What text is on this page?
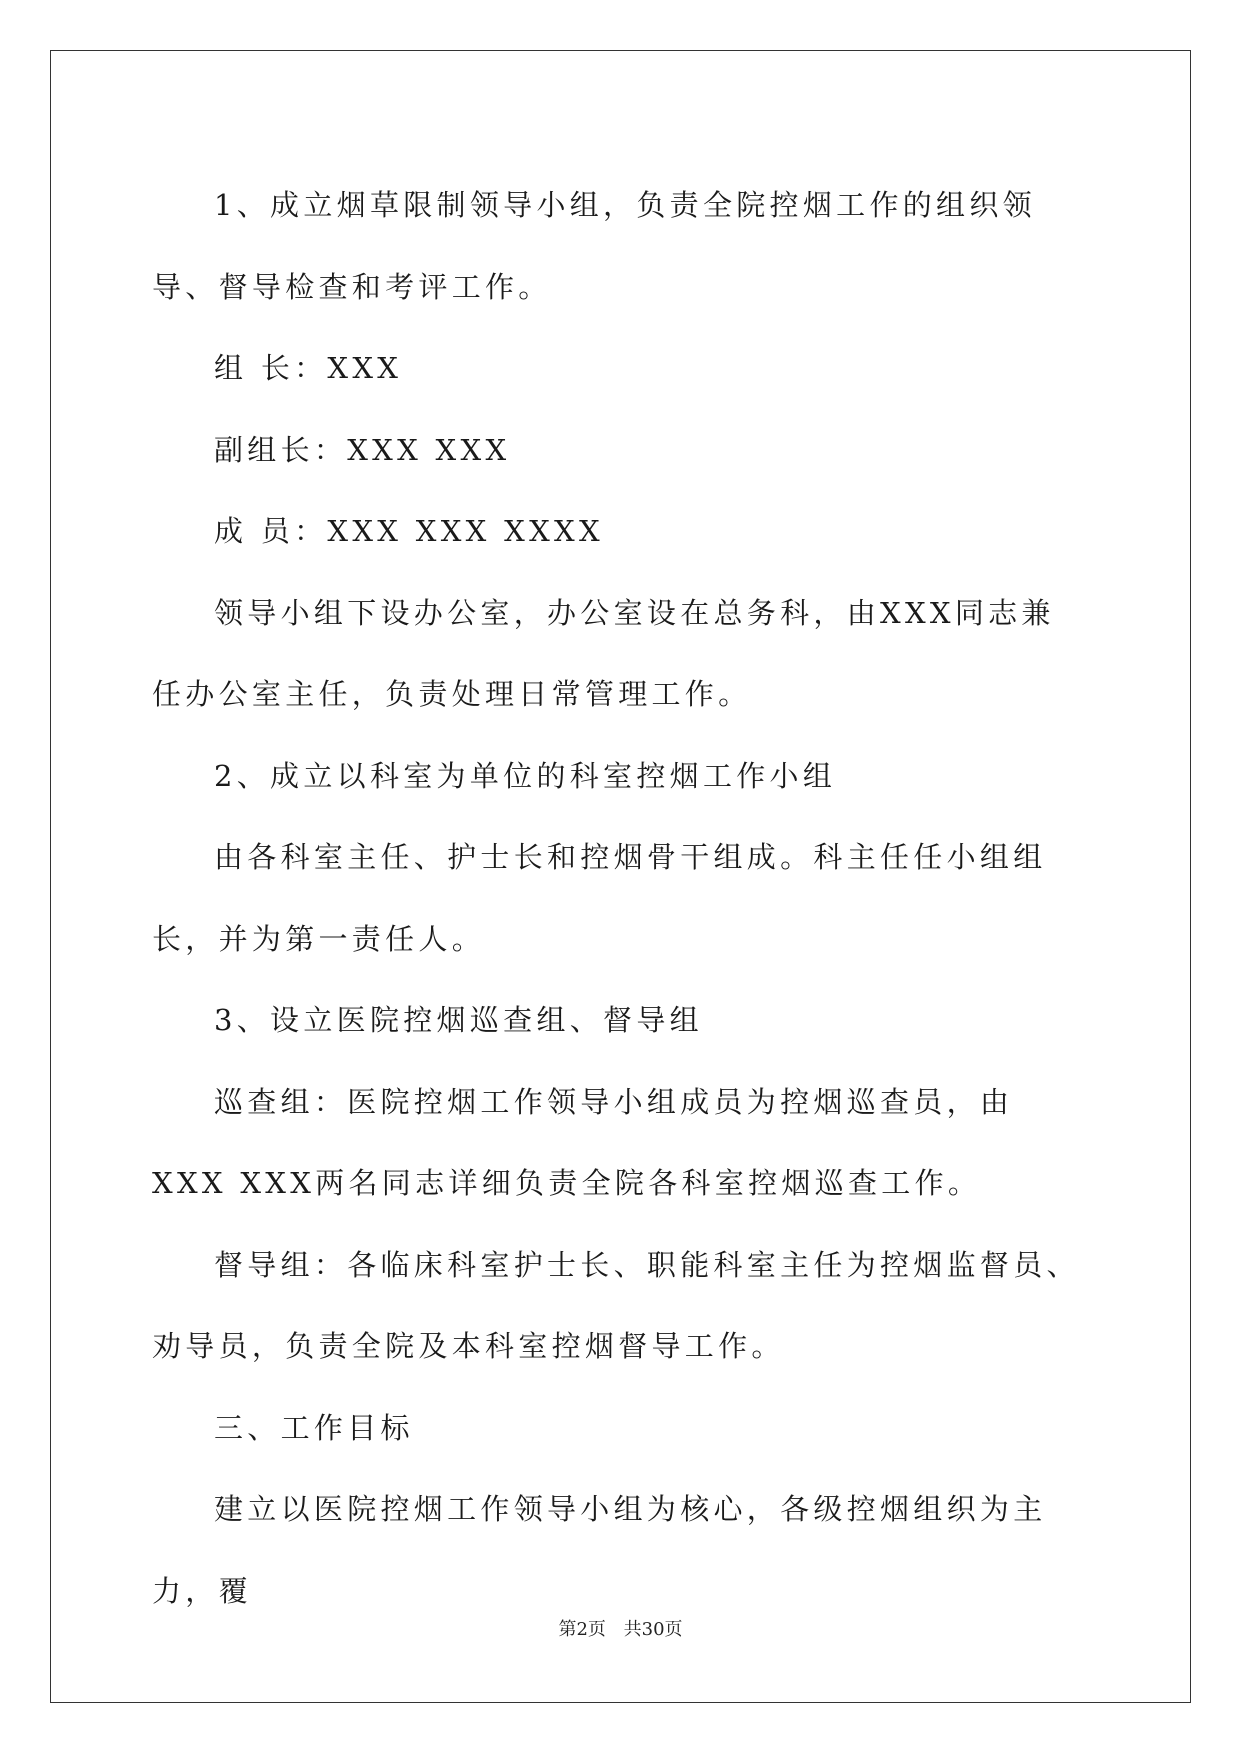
1、成立烟草限制领导小组，负责全院控烟工作的组织领导、督导检查和考评工作。

组 长：XXX

副组长：XXX XXX

成 员：XXX XXX XXXX

领导小组下设办公室，办公室设在总务科，由XXX同志兼任办公室主任，负责处理日常管理工作。

2、成立以科室为单位的科室控烟工作小组

由各科室主任、护士长和控烟骨干组成。科主任任小组组长，并为第一责任人。

3、设立医院控烟巡查组、督导组

巡查组：医院控烟工作领导小组成员为控烟巡查员，由XXX XXX两名同志详细负责全院各科室控烟巡查工作。

督导组：各临床科室护士长、职能科室主任为控烟监督员、劝导员，负责全院及本科室控烟督导工作。

三、工作目标

建立以医院控烟工作领导小组为核心，各级控烟组织为主力，覆

第2页 共30页
